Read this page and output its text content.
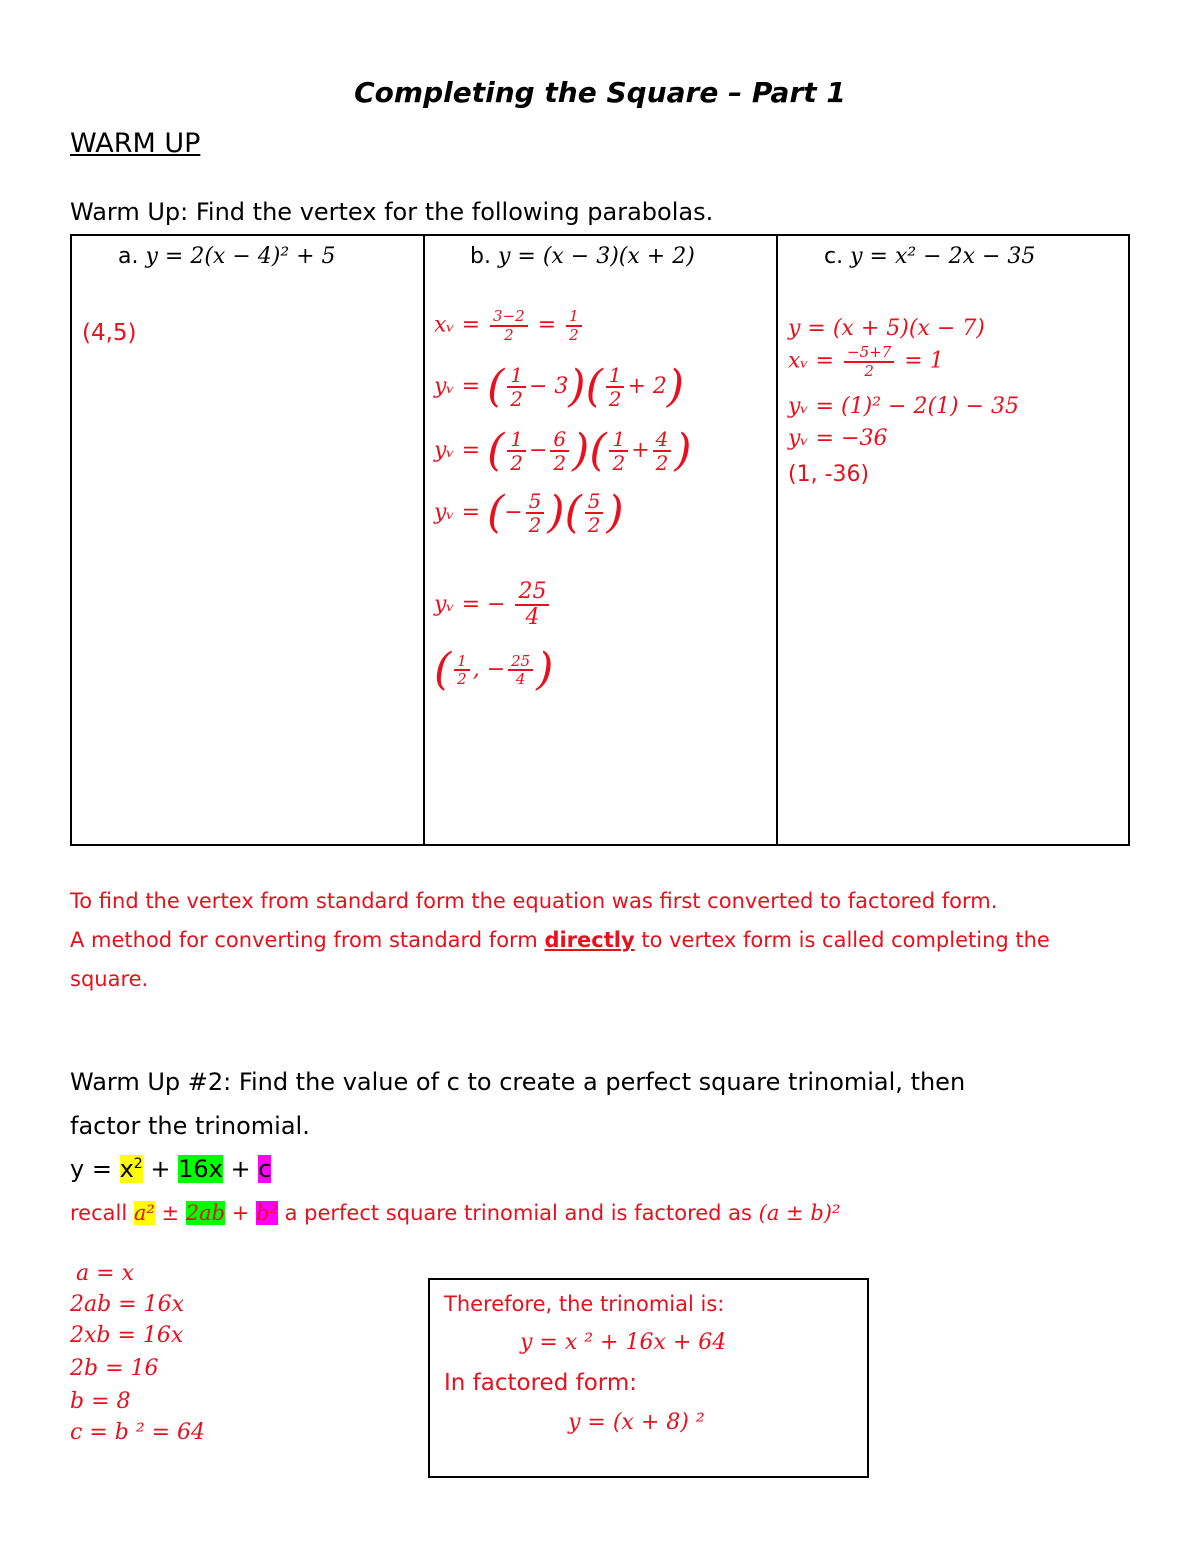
Completing the Square – Part 1
WARM UP
Warm Up: Find the vertex for the following parabolas.
a. y = 2(x − 4)² + 5
(4,5)
b. y = (x − 3)(x + 2)
xᵥ = $\frac{3-2}{2} = \frac{1}{2}$
yᵥ = ( $\frac{1}{2} - 3)( \frac{1}{2} + 2)$
yᵥ = ( $\frac{1}{2} - \frac{6}{2}$ )( $\frac{1}{2} + \frac{4}{2}$ )
yᵥ = (− $\frac{5}{2}$ )( $\frac{5}{2}$ )
yᵥ = − $\frac{25}{4}$
( $\frac{1}{2}$ , − $\frac{25}{4}$ )
c. y = x² − 2x − 35
y = (x + 5)(x − 7)
xᵥ = $\frac{-5+7}{2} = 1$
yᵥ = (1)² − 2(1) − 35
yᵥ = −36
(1, -36)
To find the vertex from standard form the equation was first converted to factored form.
A method for converting from standard form directly to vertex form is called completing the
square.
Warm Up #2: Find the value of c to create a perfect square trinomial, then
factor the trinomial.
$y = x^2 + 16x + c$
recall a² ± 2ab + b² a perfect square trinomial and is factored as (a ± b)²
a = x
2ab = 16x
2xb = 16x
2b = 16
b = 8
c = b ² = 64
Therefore, the trinomial is:
y = x ² + 16x + 64
In factored form:
y = (x + 8) ²
